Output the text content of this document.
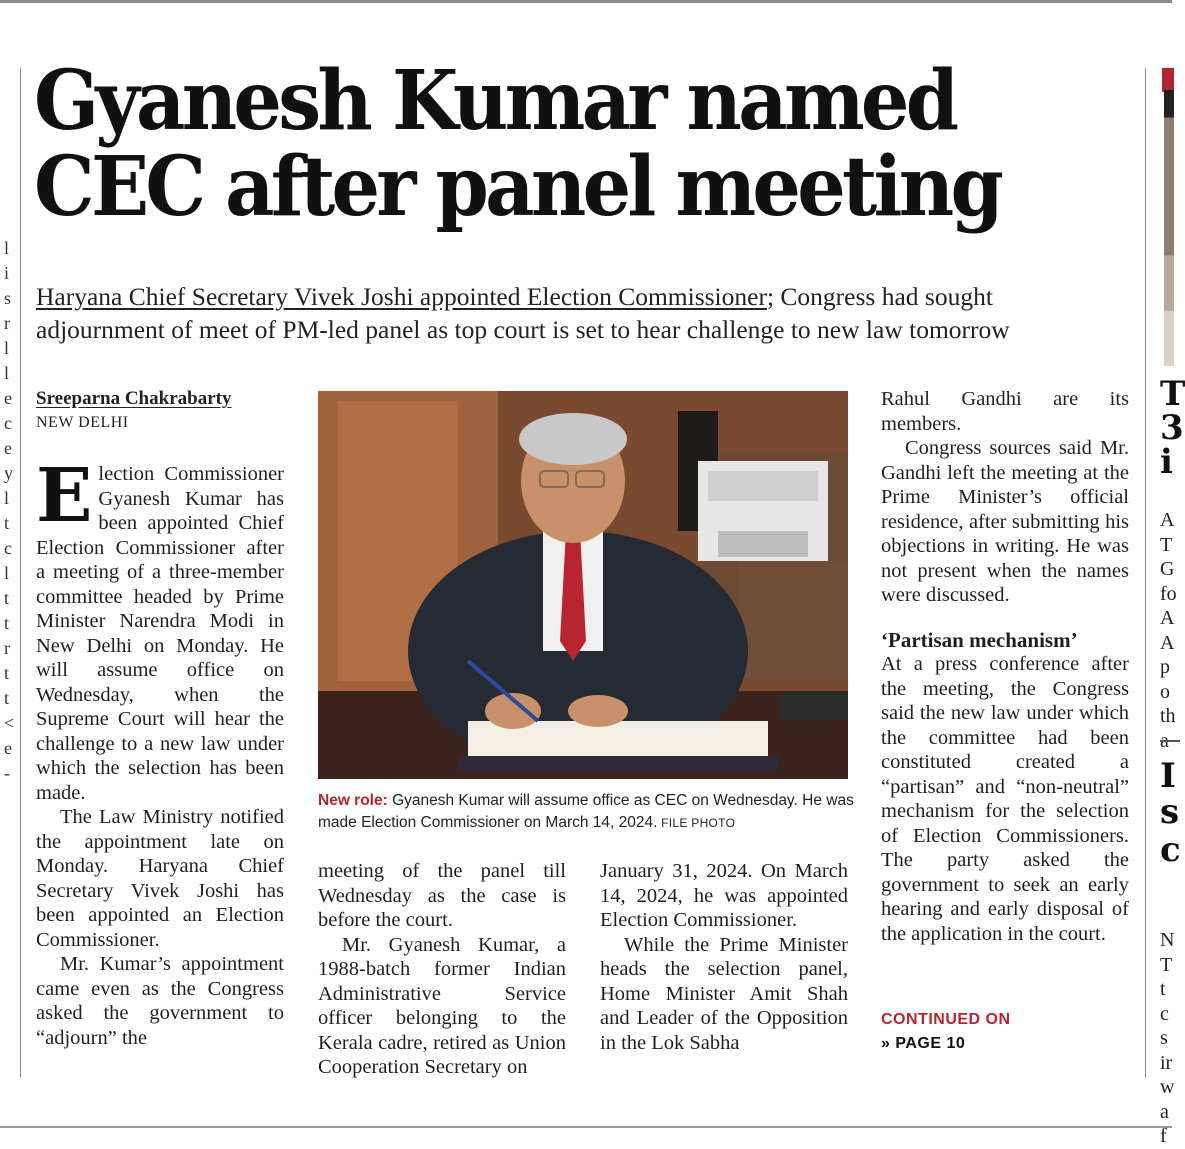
l
i
s
r
l
l
e
c
e
y
l
t
c
l
t
t
r
t
t
<
e
-
Gyanesh Kumar named
CEC after panel meeting
Haryana Chief Secretary Vivek Joshi appointed Election Commissioner; Congress had sought
adjournment of meet of PM-led panel as top court is set to hear challenge to new law tomorrow
Sreeparna Chakrabarty
NEW DELHI

Election Commissioner Gyanesh Kumar has been appointed Chief Election Commissioner after a meeting of a three-member committee headed by Prime Minister Narendra Modi in New Delhi on Monday. He will assume office on Wednesday, when the Supreme Court will hear the challenge to a new law under which the selection has been made.

The Law Ministry notified the appointment late on Monday. Haryana Chief Secretary Vivek Joshi has been appointed an Election Commissioner.

Mr. Kumar’s appointment came even as the Congress asked the government to “adjourn” the

New role: Gyanesh Kumar will assume office as CEC on Wednesday. He was made Election Commissioner on March 14, 2024. FILE PHOTO

meeting of the panel till Wednesday as the case is before the court.

Mr. Gyanesh Kumar, a 1988-batch former Indian Administrative Service officer belonging to the Kerala cadre, retired as Union Cooperation Secretary on

January 31, 2024. On March 14, 2024, he was appointed Election Commissioner.

While the Prime Minister heads the selection panel, Home Minister Amit Shah and Leader of the Opposition in the Lok Sabha

Rahul Gandhi are its members.

Congress sources said Mr. Gandhi left the meeting at the Prime Minister’s official residence, after submitting his objections in writing. He was not present when the names were discussed.

‘Partisan mechanism’

At a press conference after the meeting, the Congress said the new law under which the committee had been constituted created a “partisan” and “non-neutral” mechanism for the selection of Election Commissioners. The party asked the government to seek an early hearing and early disposal of the application in the court.

CONTINUED ON
» PAGE 10
T
3
i
A
T
G
fo
A
A
p
o
th
I
s
c
N
T
t
c
s
ir
w
a
f
